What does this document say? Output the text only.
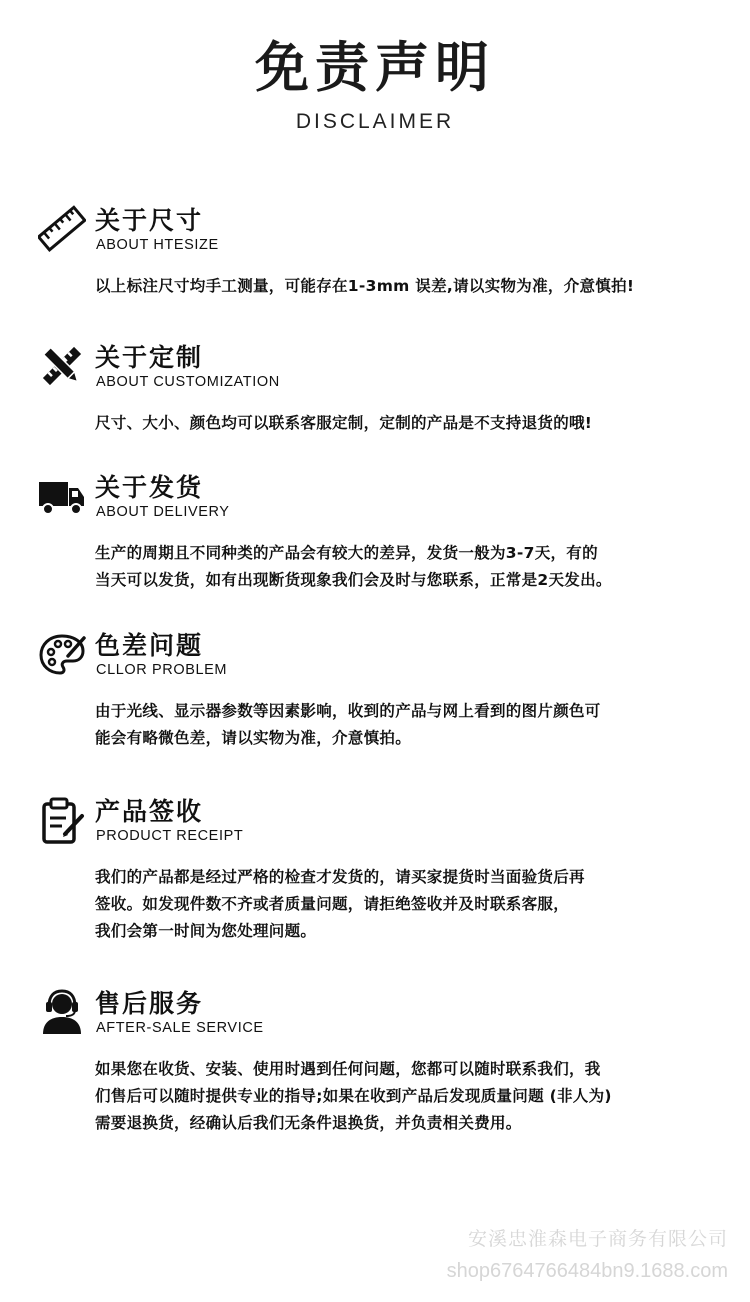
免责声明
DISCLAIMER
关于尺寸
ABOUT HTESIZE
以上标注尺寸均手工测量，可能存在1-3mm 误差,请以实物为准，介意慎拍!
关于定制
ABOUT CUSTOMIZATION
尺寸、大小、颜色均可以联系客服定制，定制的产品是不支持退货的哦!
关于发货
ABOUT DELIVERY
生产的周期且不同种类的产品会有较大的差异，发货一般为3-7天，有的
当天可以发货，如有出现断货现象我们会及时与您联系，正常是2天发出。
色差问题
CLLOR PROBLEM
由于光线、显示器参数等因素影响，收到的产品与网上看到的图片颜色可
能会有略微色差，请以实物为准，介意慎拍。
产品签收
PRODUCT RECEIPT
我们的产品都是经过严格的检查才发货的，请买家提货时当面验货后再
签收。如发现件数不齐或者质量问题，请拒绝签收并及时联系客服，
我们会第一时间为您处理问题。
售后服务
AFTER-SALE SERVICE
如果您在收货、安装、使用时遇到任何问题，您都可以随时联系我们，我
们售后可以随时提供专业的指导;如果在收到产品后发现质量问题 (非人为)
需要退换货，经确认后我们无条件退换货，并负责相关费用。
安溪忠淮森电子商务有限公司
shop6764766484bn9.1688.com
